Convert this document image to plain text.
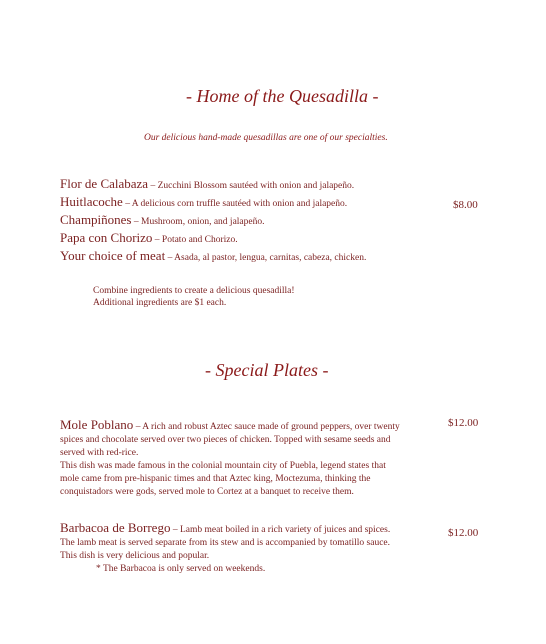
- Home of the Quesadilla -
Our delicious hand-made quesadillas are one of our specialties.
Flor de Calabaza – Zucchini Blossom sautéed with onion and jalapeño.
Huitlacoche – A delicious corn truffle sautéed with onion and jalapeño.
Champiñones – Mushroom, onion, and jalapeño.
Papa con Chorizo – Potato and Chorizo.
Your choice of meat – Asada, al pastor, lengua, carnitas, cabeza, chicken.
$8.00
Combine ingredients to create a delicious quesadilla!
Additional ingredients are $1 each.
- Special Plates -
Mole Poblano – A rich and robust Aztec sauce made of ground peppers, over twenty spices and chocolate served over two pieces of chicken. Topped with sesame seeds and served with red-rice.
This dish was made famous in the colonial mountain city of Puebla, legend states that mole came from pre-hispanic times and that Aztec king, Moctezuma, thinking the conquistadors were gods, served mole to Cortez at a banquet to receive them.
$12.00
Barbacoa de Borrego – Lamb meat boiled in a rich variety of juices and spices. The lamb meat is served separate from its stew and is accompanied by tomatillo sauce. This dish is very delicious and popular.
* The Barbacoa is only served on weekends.
$12.00
